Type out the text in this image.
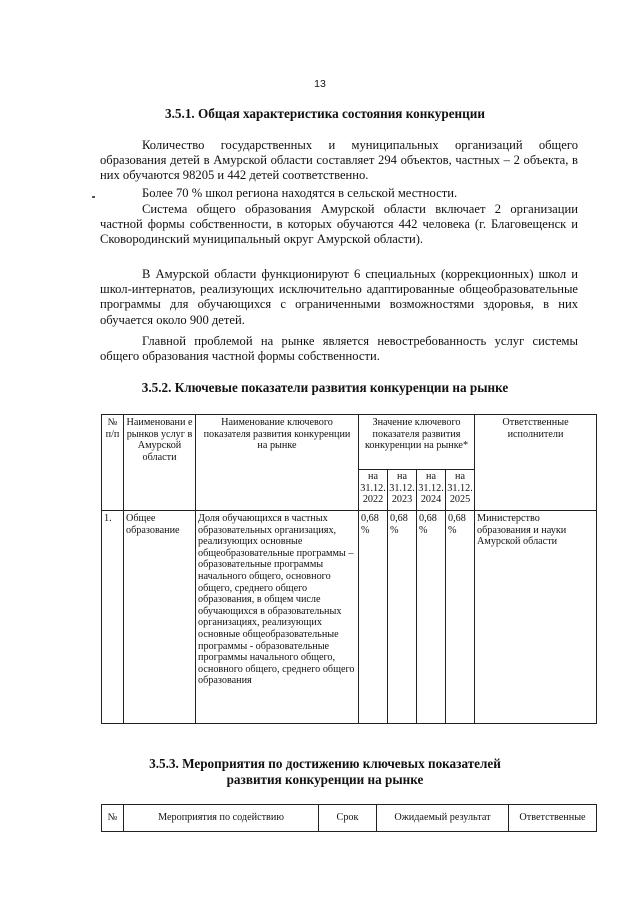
13
3.5.1. Общая характеристика состояния конкуренции

Количество государственных и муниципальных организаций общего образования детей в Амурской области составляет 294 объектов, частных – 2 объекта, в них обучаются 98205 и 442 детей соответственно.

Более 70 % школ региона находятся в сельской местности.

Система общего образования Амурской области включает 2 организации частной формы собственности, в которых обучаются 442 человека (г. Благовещенск и Сковородинский муниципальный округ Амурской области).

В Амурской области функционируют 6 специальных (коррекционных) школ и школ-интернатов, реализующих исключительно адаптированные общеобразовательные программы для обучающихся с ограниченными возможностями здоровья, в них обучается около 900 детей.

Главной проблемой на рынке является невостребованность услуг системы общего образования частной формы собственности.

3.5.2. Ключевые показатели развития конкуренции на рынке
№ п/п	Наименовани е рынков услуг в Амурской области	Наименование ключевого показателя развития конкуренции на рынке	Значение ключевого показателя развития конкуренции на рынке*				Ответственные исполнители
			на 31.12. 2022	на 31.12. 2023	на 31.12. 2024	на 31.12. 2025	
1.	Общее образование	Доля обучающихся в частных образовательных организациях, реализующих основные общеобразовательные программы – образовательные программы начального общего, основного общего, среднего общего образования, в общем числе обучающихся в образовательных организациях, реализующих основные общеобразовательные программы - образовательные программы начального общего, основного общего, среднего общего образования	0,68 %	0,68 %	0,68 %	0,68 %	Министерство образования и науки Амурской области
3.5.3. Мероприятия по достижению ключевых показателей
развития конкуренции на рынке
№	Мероприятия по содействию	Срок	Ожидаемый результат	Ответственные
